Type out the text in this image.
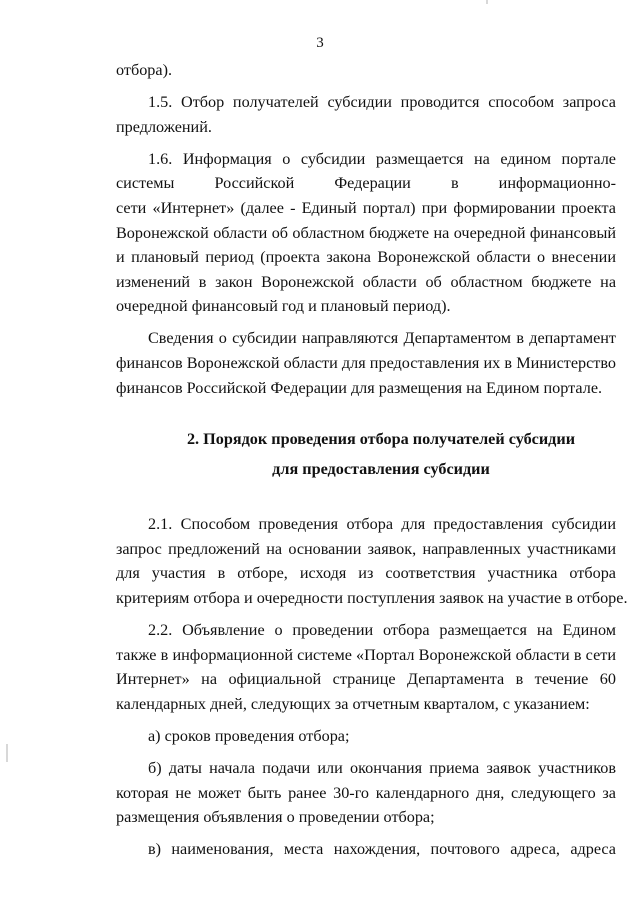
3
отбора).
1.5. Отбор получателей субсидии проводится способом запроса
предложений.
1.6. Информация о субсидии размещается на едином портале
системы Российской Федерации в информационно-
сети «Интернет» (далее - Единый портал) при формировании проекта
Воронежской области об областном бюджете на очередной финансовый
и плановый период (проекта закона Воронежской области о внесении
изменений в закон Воронежской области об областном бюджете на
очередной финансовый год и плановый период).
Сведения о субсидии направляются Департаментом в департамент
финансов Воронежской области для предоставления их в Министерство
финансов Российской Федерации для размещения на Едином портале.
2. Порядок проведения отбора получателей субсидии
для предоставления субсидии
2.1. Способом проведения отбора для предоставления субсидии
запрос предложений на основании заявок, направленных участниками
для участия в отборе, исходя из соответствия участника отбора
критериям отбора и очередности поступления заявок на участие в отборе.
2.2. Объявление о проведении отбора размещается на Едином
также в информационной системе «Портал Воронежской области в сети
Интернет» на официальной странице Департамента в течение 60
календарных дней, следующих за отчетным кварталом, с указанием:
а) сроков проведения отбора;
б) даты начала подачи или окончания приема заявок участников
которая не может быть ранее 30-го календарного дня, следующего за
размещения объявления о проведении отбора;
в) наименования, места нахождения, почтового адреса, адреса
